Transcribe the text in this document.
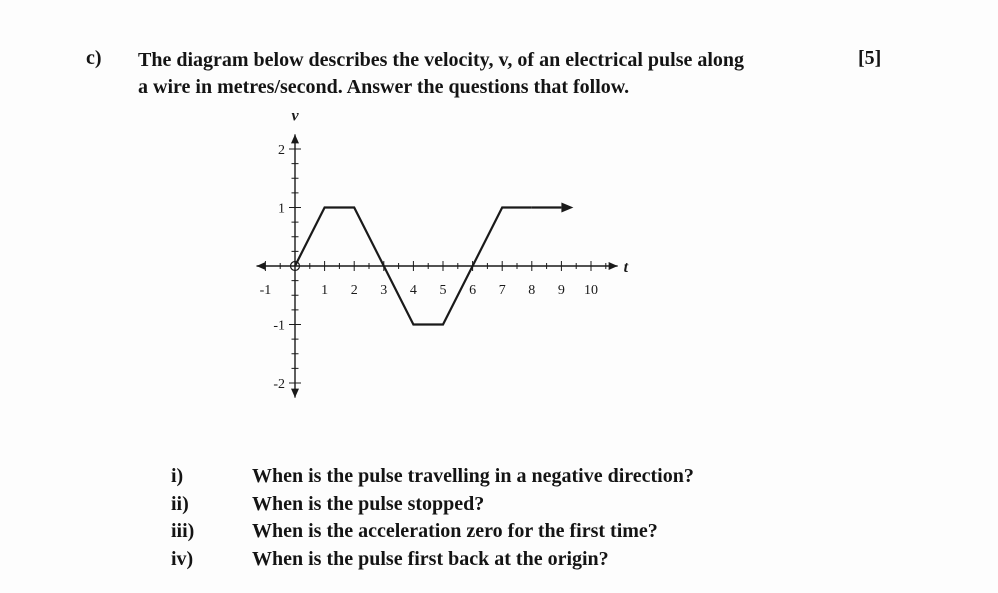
c) The diagram below describes the velocity, v, of an electrical pulse along
a wire in metres/second. Answer the questions that follow.
[5]
-1	1 2 3 4 5 6 7 8 9 10
2
1
-1
-2
v
t
i)	When is the pulse travelling in a negative direction?
ii)	When is the pulse stopped?
iii)	When is the acceleration zero for the first time?
iv)	When is the pulse first back at the origin?
